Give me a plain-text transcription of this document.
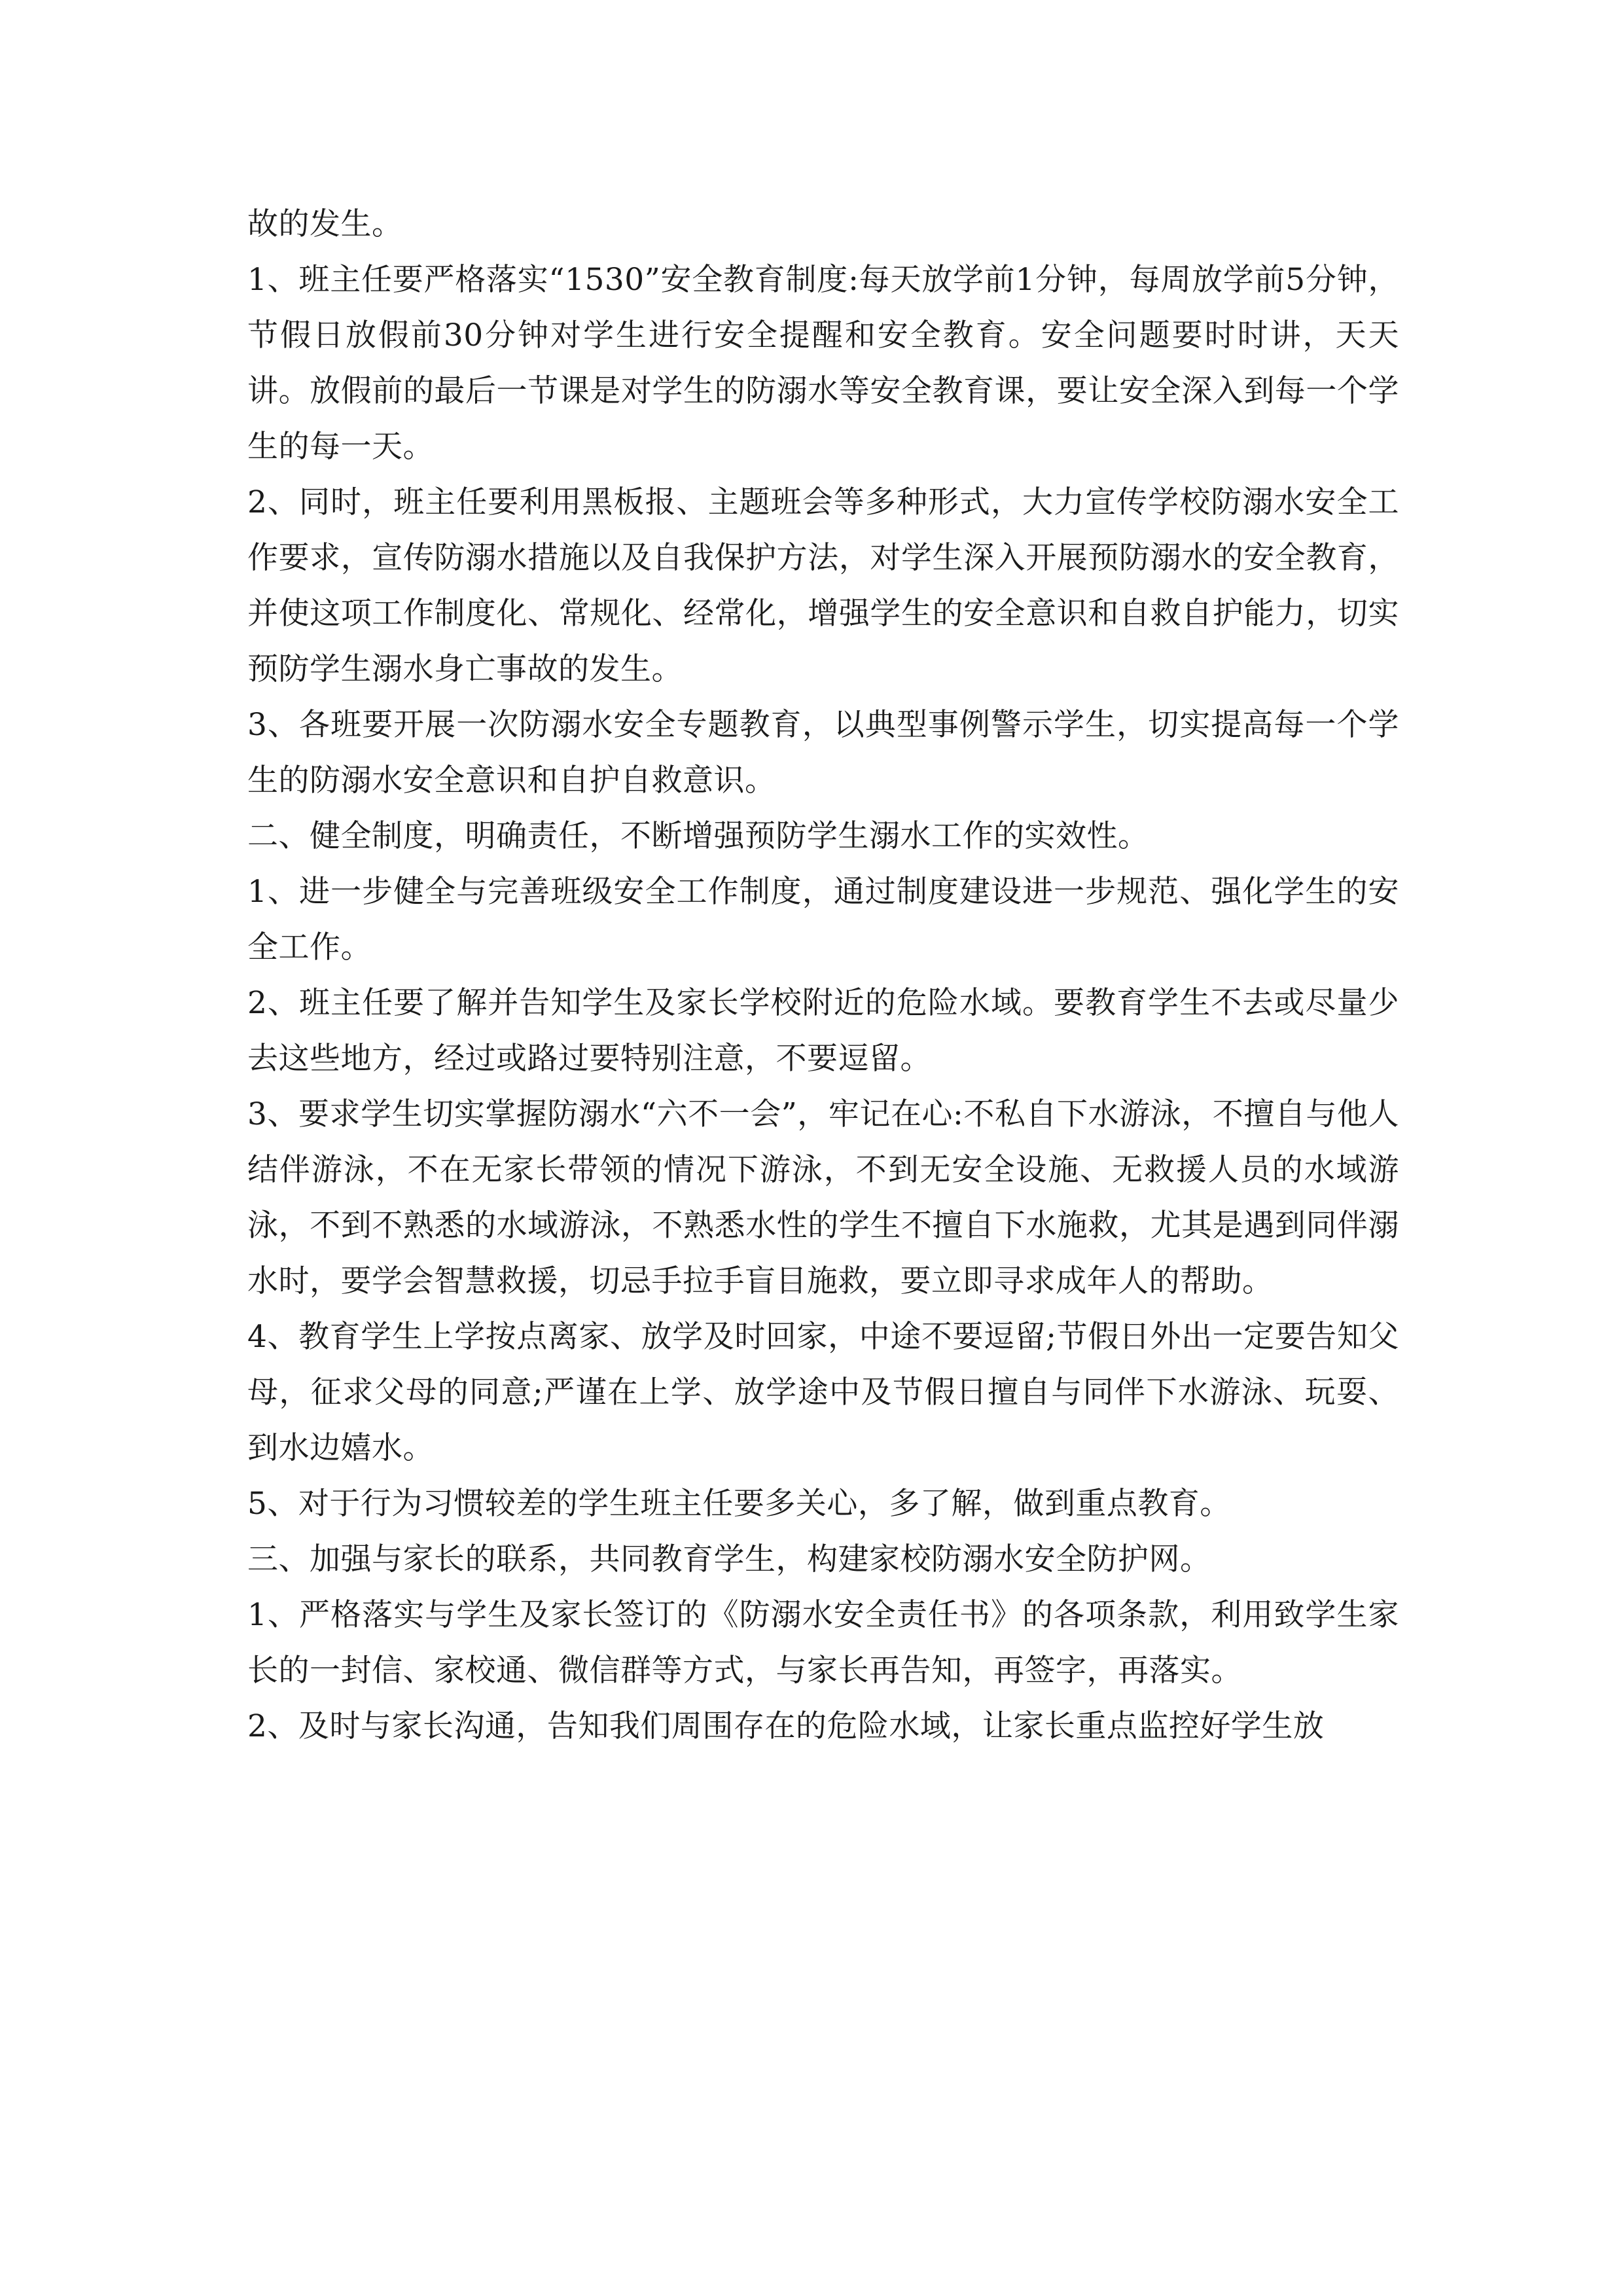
故的发生。

1、班主任要严格落实“1530”安全教育制度:每天放学前1分钟，每周放学前5分钟，节假日放假前30分钟对学生进行安全提醒和安全教育。安全问题要时时讲，天天讲。放假前的最后一节课是对学生的防溺水等安全教育课，要让安全深入到每一个学生的每一天。

2、同时，班主任要利用黑板报、主题班会等多种形式，大力宣传学校防溺水安全工作要求，宣传防溺水措施以及自我保护方法，对学生深入开展预防溺水的安全教育，并使这项工作制度化、常规化、经常化，增强学生的安全意识和自救自护能力，切实预防学生溺水身亡事故的发生。

3、各班要开展一次防溺水安全专题教育，以典型事例警示学生，切实提高每一个学生的防溺水安全意识和自护自救意识。

二、健全制度，明确责任，不断增强预防学生溺水工作的实效性。

1、进一步健全与完善班级安全工作制度，通过制度建设进一步规范、强化学生的安全工作。

2、班主任要了解并告知学生及家长学校附近的危险水域。要教育学生不去或尽量少去这些地方，经过或路过要特别注意，不要逗留。

3、要求学生切实掌握防溺水“六不一会”，牢记在心:不私自下水游泳，不擅自与他人结伴游泳，不在无家长带领的情况下游泳，不到无安全设施、无救援人员的水域游泳，不到不熟悉的水域游泳，不熟悉水性的学生不擅自下水施救，尤其是遇到同伴溺水时，要学会智慧救援，切忌手拉手盲目施救，要立即寻求成年人的帮助。

4、教育学生上学按点离家、放学及时回家，中途不要逗留;节假日外出一定要告知父母，征求父母的同意;严谨在上学、放学途中及节假日擅自与同伴下水游泳、玩耍、到水边嬉水。

5、对于行为习惯较差的学生班主任要多关心，多了解，做到重点教育。

三、加强与家长的联系，共同教育学生，构建家校防溺水安全防护网。

1、严格落实与学生及家长签订的《防溺水安全责任书》的各项条款，利用致学生家长的一封信、家校通、微信群等方式，与家长再告知，再签字，再落实。

2、及时与家长沟通，告知我们周围存在的危险水域，让家长重点监控好学生放
